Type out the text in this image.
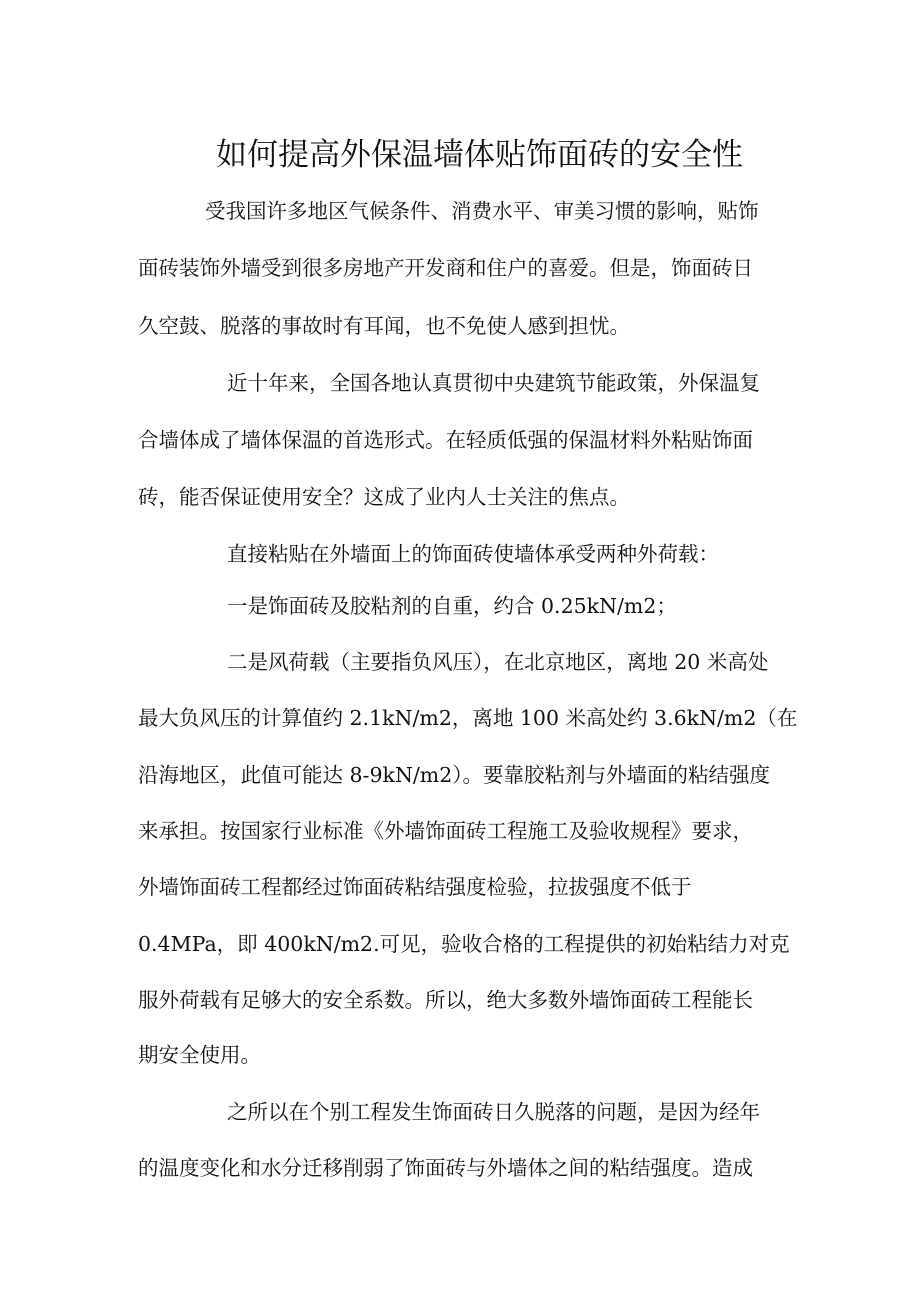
如何提高外保温墙体贴饰面砖的安全性
受我国许多地区气候条件、消费水平、审美习惯的影响，贴饰
面砖装饰外墙受到很多房地产开发商和住户的喜爱。但是，饰面砖日
久空鼓、脱落的事故时有耳闻，也不免使人感到担忧。
近十年来，全国各地认真贯彻中央建筑节能政策，外保温复
合墙体成了墙体保温的首选形式。在轻质低强的保温材料外粘贴饰面
砖，能否保证使用安全？这成了业内人士关注的焦点。
直接粘贴在外墙面上的饰面砖使墙体承受两种外荷载：
一是饰面砖及胶粘剂的自重，约合 0.25kN/m2；
二是风荷载（主要指负风压），在北京地区，离地 20 米高处
最大负风压的计算值约 2.1kN/m2，离地 100 米高处约 3.6kN/m2（在
沿海地区，此值可能达 8-9kN/m2）。要靠胶粘剂与外墙面的粘结强度
来承担。按国家行业标准《外墙饰面砖工程施工及验收规程》要求，
外墙饰面砖工程都经过饰面砖粘结强度检验，拉拔强度不低于
0.4MPa，即 400kN/m2.可见，验收合格的工程提供的初始粘结力对克
服外荷载有足够大的安全系数。所以，绝大多数外墙饰面砖工程能长
期安全使用。
之所以在个别工程发生饰面砖日久脱落的问题，是因为经年
的温度变化和水分迁移削弱了饰面砖与外墙体之间的粘结强度。造成
